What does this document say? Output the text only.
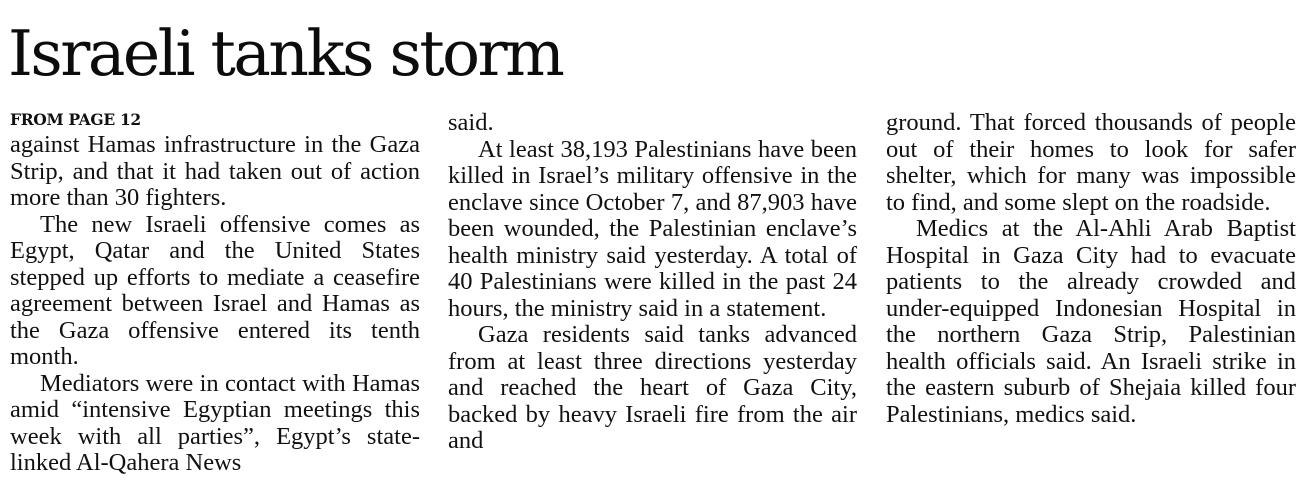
Israeli tanks storm
FROM PAGE 12

against Hamas infrastructure in the Gaza Strip, and that it had taken out of action more than 30 fighters.

The new Israeli offensive comes as Egypt, Qatar and the United States stepped up efforts to mediate a ceasefire agreement between Israel and Hamas as the Gaza offensive entered its tenth month.

Mediators were in contact with Hamas amid “intensive Egyptian meetings this week with all parties”, Egypt’s state-linked Al-Qahera News

said.

At least 38,193 Palestinians have been killed in Israel’s military offensive in the enclave since October 7, and 87,903 have been wounded, the Palestinian enclave’s health ministry said yesterday. A total of 40 Palestinians were killed in the past 24 hours, the ministry said in a statement.

Gaza residents said tanks advanced from at least three directions yesterday and reached the heart of Gaza City, backed by heavy Israeli fire from the air and

ground. That forced thousands of people out of their homes to look for safer shelter, which for many was impossible to find, and some slept on the roadside.

Medics at the Al-Ahli Arab Baptist Hospital in Gaza City had to evacuate patients to the already crowded and under-equipped Indonesian Hospital in the northern Gaza Strip, Palestinian health officials said. An Israeli strike in the eastern suburb of Shejaia killed four Palestinians, medics said.
